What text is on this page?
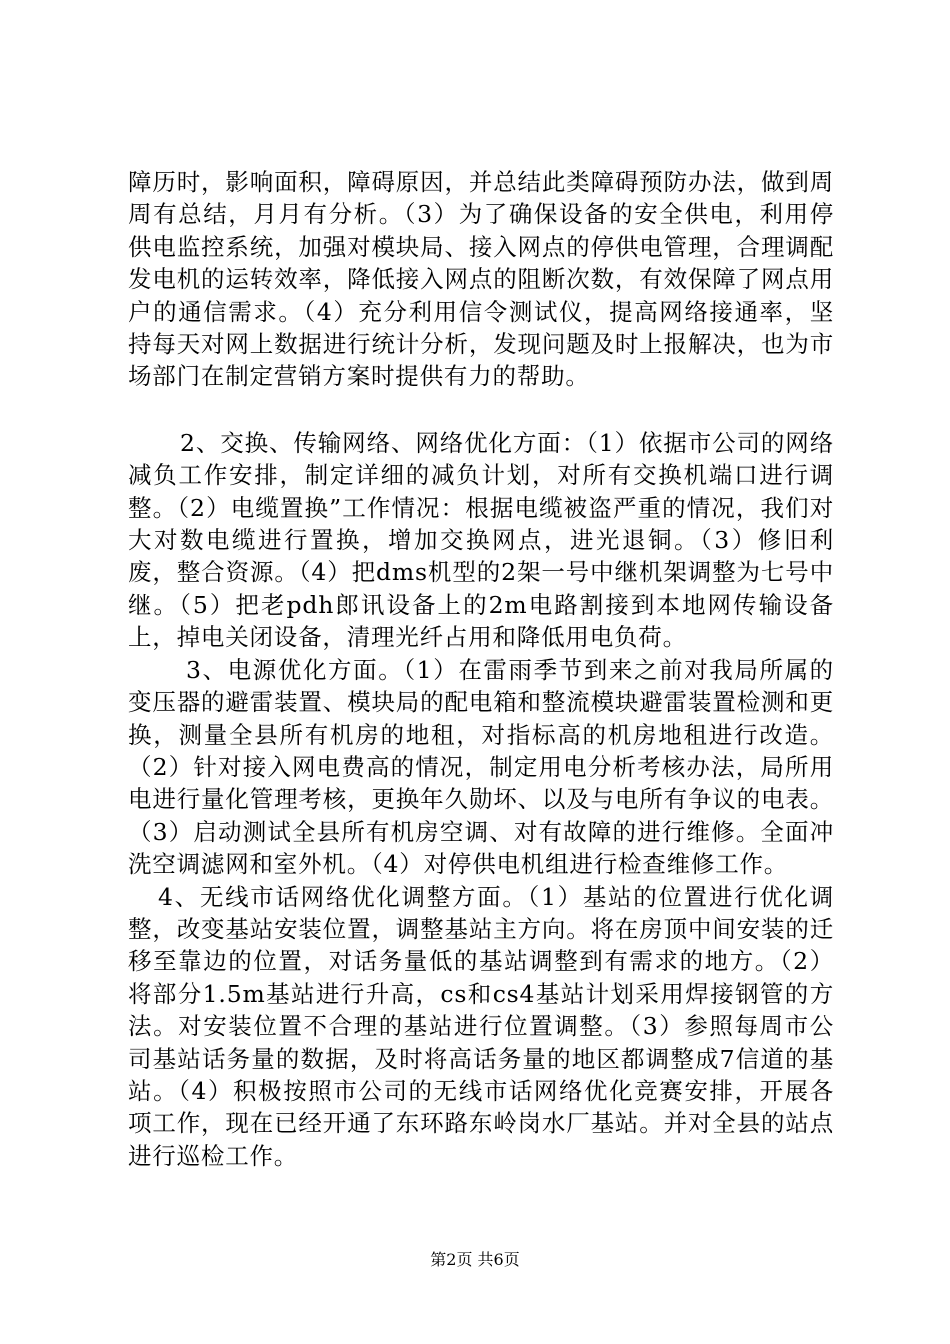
障历时，影响面积，障碍原因，并总结此类障碍预防办法，做到周周有总结，月月有分析。（3）为了确保设备的安全供电，利用停供电监控系统，加强对模块局、接入网点的停供电管理，合理调配发电机的运转效率，降低接入网点的阻断次数，有效保障了网点用户的通信需求。（4）充分利用信令测试仪，提高网络接通率，坚持每天对网上数据进行统计分析，发现问题及时上报解决，也为市场部门在制定营销方案时提供有力的帮助。

2、交换、传输网络、网络优化方面：（1）依据市公司的网络减负工作安排，制定详细的减负计划，对所有交换机端口进行调整。（2）电缆置换”工作情况：根据电缆被盗严重的情况，我们对大对数电缆进行置换，增加交换网点，进光退铜。（3）修旧利废，整合资源。（4）把dms机型的2架一号中继机架调整为七号中继。（5）把老pdh郎讯设备上的2m电路割接到本地网传输设备上，掉电关闭设备，清理光纤占用和降低用电负荷。

3、电源优化方面。（1）在雷雨季节到来之前对我局所属的变压器的避雷装置、模块局的配电箱和整流模块避雷装置检测和更换，测量全县所有机房的地租，对指标高的机房地租进行改造。（2）针对接入网电费高的情况，制定用电分析考核办法，局所用电进行量化管理考核，更换年久勋坏、以及与电所有争议的电表。（3）启动测试全县所有机房空调、对有故障的进行维修。全面冲洗空调滤网和室外机。（4）对停供电机组进行检查维修工作。

4、无线市话网络优化调整方面。（1）基站的位置进行优化调整，改变基站安装位置，调整基站主方向。将在房顶中间安装的迁移至靠边的位置，对话务量低的基站调整到有需求的地方。（2）将部分1.5m基站进行升高，cs和cs4基站计划采用焊接钢管的方法。对安装位置不合理的基站进行位置调整。（3）参照每周市公司基站话务量的数据，及时将高话务量的地区都调整成7信道的基站。（4）积极按照市公司的无线市话网络优化竞赛安排，开展各项工作，现在已经开通了东环路东岭岗水厂基站。并对全县的站点进行巡检工作。

第2页 共6页
